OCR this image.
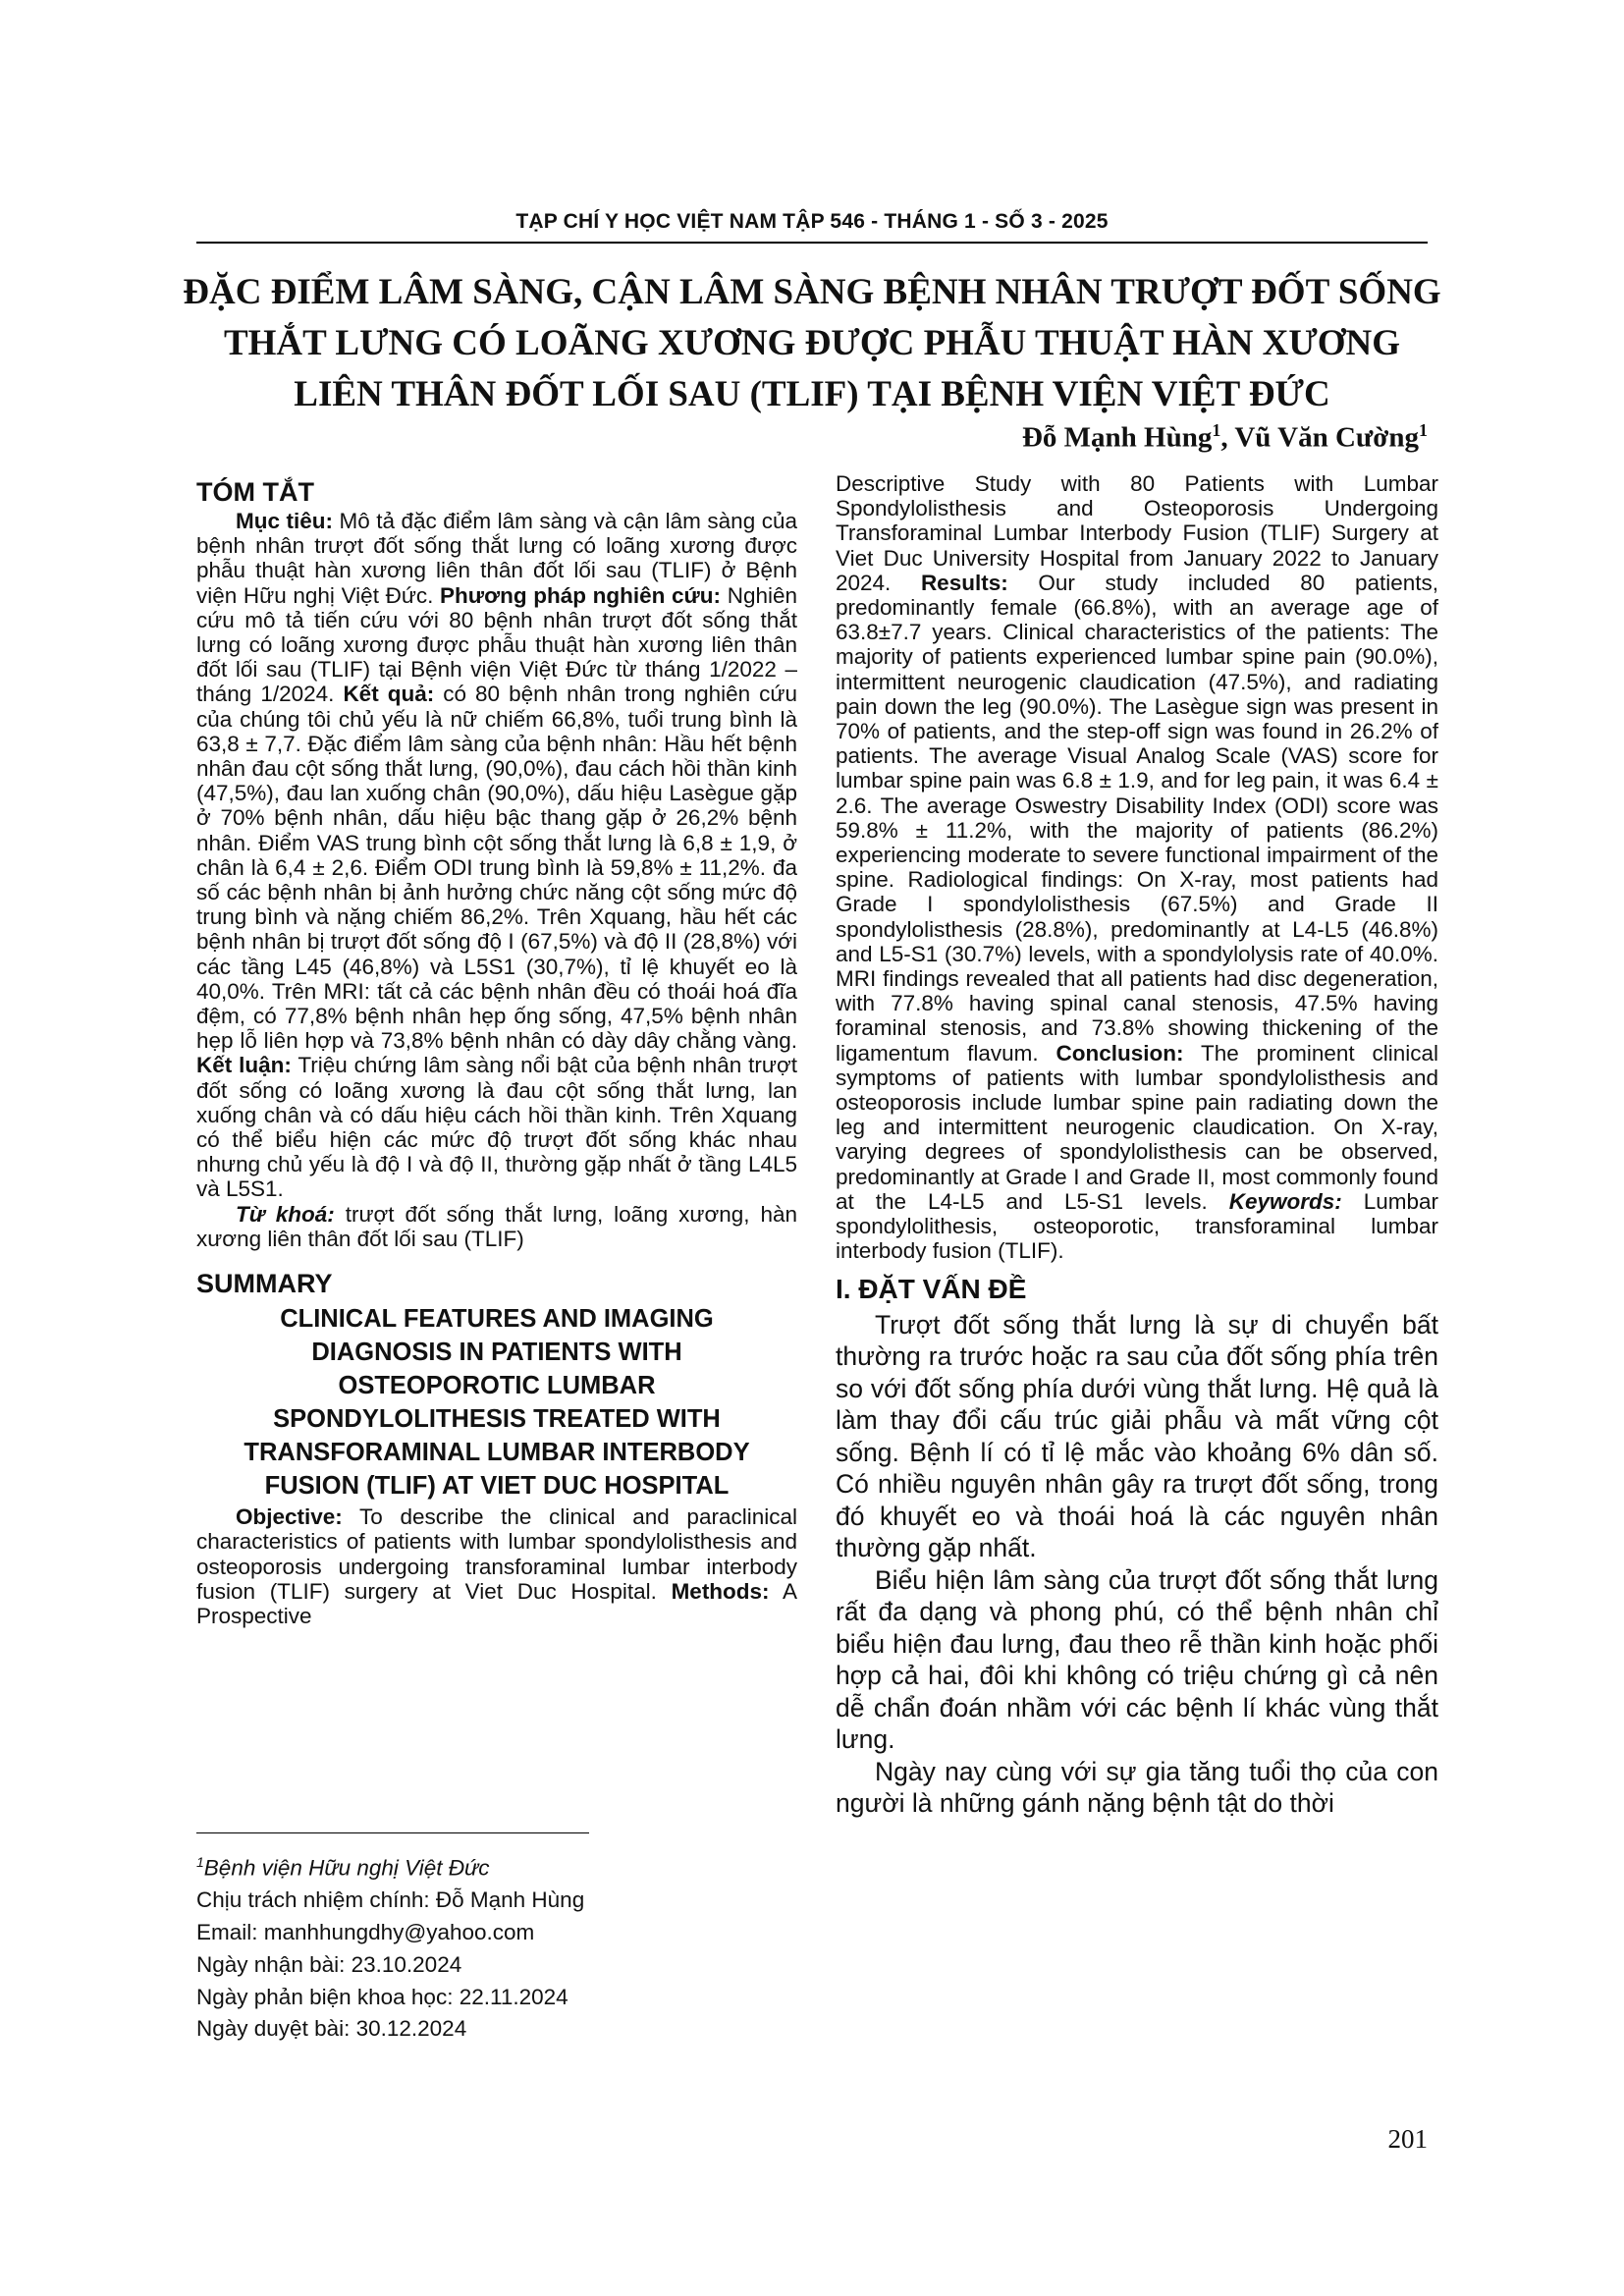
TẠP CHÍ Y HỌC VIỆT NAM TẬP 546 - THÁNG 1 - SỐ 3 - 2025
ĐẶC ĐIỂM LÂM SÀNG, CẬN LÂM SÀNG BỆNH NHÂN TRƯỢT ĐỐT SỐNG
THẮT LƯNG CÓ LOÃNG XƯƠNG ĐƯỢC PHẪU THUẬT HÀN XƯƠNG
LIÊN THÂN ĐỐT LỐI SAU (TLIF) TẠI BỆNH VIỆN VIỆT ĐỨC
Đỗ Mạnh Hùng$^1$, Vũ Văn Cường$^1$
TÓM TẮT

Mục tiêu: Mô tả đặc điểm lâm sàng và cận lâm sàng của bệnh nhân trượt đốt sống thắt lưng có loãng xương được phẫu thuật hàn xương liên thân đốt lối sau (TLIF) ở Bệnh viện Hữu nghị Việt Đức. Phương pháp nghiên cứu: Nghiên cứu mô tả tiến cứu với 80 bệnh nhân trượt đốt sống thắt lưng có loãng xương được phẫu thuật hàn xương liên thân đốt lối sau (TLIF) tại Bệnh viện Việt Đức từ tháng 1/2022 – tháng 1/2024. Kết quả: có 80 bệnh nhân trong nghiên cứu của chúng tôi chủ yếu là nữ chiếm 66,8%, tuổi trung bình là 63,8 ± 7,7. Đặc điểm lâm sàng của bệnh nhân: Hầu hết bệnh nhân đau cột sống thắt lưng, (90,0%), đau cách hồi thần kinh (47,5%), đau lan xuống chân (90,0%), dấu hiệu Lasègue gặp ở 70% bệnh nhân, dấu hiệu bậc thang gặp ở 26,2% bệnh nhân. Điểm VAS trung bình cột sống thắt lưng là 6,8 ± 1,9, ở chân là 6,4 ± 2,6. Điểm ODI trung bình là 59,8% ± 11,2%. đa số các bệnh nhân bị ảnh hưởng chức năng cột sống mức độ trung bình và nặng chiếm 86,2%. Trên Xquang, hầu hết các bệnh nhân bị trượt đốt sống độ I (67,5%) và độ II (28,8%) với các tầng L45 (46,8%) và L5S1 (30,7%), tỉ lệ khuyết eo là 40,0%. Trên MRI: tất cả các bệnh nhân đều có thoái hoá đĩa đệm, có 77,8% bệnh nhân hẹp ống sống, 47,5% bệnh nhân hẹp lỗ liên hợp và 73,8% bệnh nhân có dày dây chằng vàng. Kết luận: Triệu chứng lâm sàng nổi bật của bệnh nhân trượt đốt sống có loãng xương là đau cột sống thắt lưng, lan xuống chân và có dấu hiệu cách hồi thần kinh. Trên Xquang có thể biểu hiện các mức độ trượt đốt sống khác nhau nhưng chủ yếu là độ I và độ II, thường gặp nhất ở tầng L4L5 và L5S1.

Từ khoá: trượt đốt sống thắt lưng, loãng xương, hàn xương liên thân đốt lối sau (TLIF)

SUMMARY
CLINICAL FEATURES AND IMAGING
DIAGNOSIS IN PATIENTS WITH
OSTEOPOROTIC LUMBAR
SPONDYLOLITHESIS TREATED WITH
TRANSFORAMINAL LUMBAR INTERBODY
FUSION (TLIF) AT VIET DUC HOSPITAL

Objective: To describe the clinical and paraclinical characteristics of patients with lumbar spondylolisthesis and osteoporosis undergoing transforaminal lumbar interbody fusion (TLIF) surgery at Viet Duc Hospital. Methods: A Prospective

$^1$Bệnh viện Hữu nghị Việt Đức
Chịu trách nhiệm chính: Đỗ Mạnh Hùng
Email: manhhungdhy@yahoo.com
Ngày nhận bài: 23.10.2024
Ngày phản biện khoa học: 22.11.2024
Ngày duyệt bài: 30.12.2024

Descriptive Study with 80 Patients with Lumbar Spondylolisthesis and Osteoporosis Undergoing Transforaminal Lumbar Interbody Fusion (TLIF) Surgery at Viet Duc University Hospital from January 2022 to January 2024. Results: Our study included 80 patients, predominantly female (66.8%), with an average age of 63.8±7.7 years. Clinical characteristics of the patients: The majority of patients experienced lumbar spine pain (90.0%), intermittent neurogenic claudication (47.5%), and radiating pain down the leg (90.0%). The Lasègue sign was present in 70% of patients, and the step-off sign was found in 26.2% of patients. The average Visual Analog Scale (VAS) score for lumbar spine pain was 6.8 ± 1.9, and for leg pain, it was 6.4 ± 2.6. The average Oswestry Disability Index (ODI) score was 59.8% ± 11.2%, with the majority of patients (86.2%) experiencing moderate to severe functional impairment of the spine. Radiological findings: On X-ray, most patients had Grade I spondylolisthesis (67.5%) and Grade II spondylolisthesis (28.8%), predominantly at L4-L5 (46.8%) and L5-S1 (30.7%) levels, with a spondylolysis rate of 40.0%. MRI findings revealed that all patients had disc degeneration, with 77.8% having spinal canal stenosis, 47.5% having foraminal stenosis, and 73.8% showing thickening of the ligamentum flavum. Conclusion: The prominent clinical symptoms of patients with lumbar spondylolisthesis and osteoporosis include lumbar spine pain radiating down the leg and intermittent neurogenic claudication. On X-ray, varying degrees of spondylolisthesis can be observed, predominantly at Grade I and Grade II, most commonly found at the L4-L5 and L5-S1 levels. Keywords: Lumbar spondylolithesis, osteoporotic, transforaminal lumbar interbody fusion (TLIF).

I. ĐẶT VẤN ĐỀ

Trượt đốt sống thắt lưng là sự di chuyển bất thường ra trước hoặc ra sau của đốt sống phía trên so với đốt sống phía dưới vùng thắt lưng. Hệ quả là làm thay đổi cấu trúc giải phẫu và mất vững cột sống. Bệnh lí có tỉ lệ mắc vào khoảng 6% dân số. Có nhiều nguyên nhân gây ra trượt đốt sống, trong đó khuyết eo và thoái hoá là các nguyên nhân thường gặp nhất.

Biểu hiện lâm sàng của trượt đốt sống thắt lưng rất đa dạng và phong phú, có thể bệnh nhân chỉ biểu hiện đau lưng, đau theo rễ thần kinh hoặc phối hợp cả hai, đôi khi không có triệu chứng gì cả nên dễ chẩn đoán nhầm với các bệnh lí khác vùng thắt lưng.

Ngày nay cùng với sự gia tăng tuổi thọ của con người là những gánh nặng bệnh tật do thời

201
